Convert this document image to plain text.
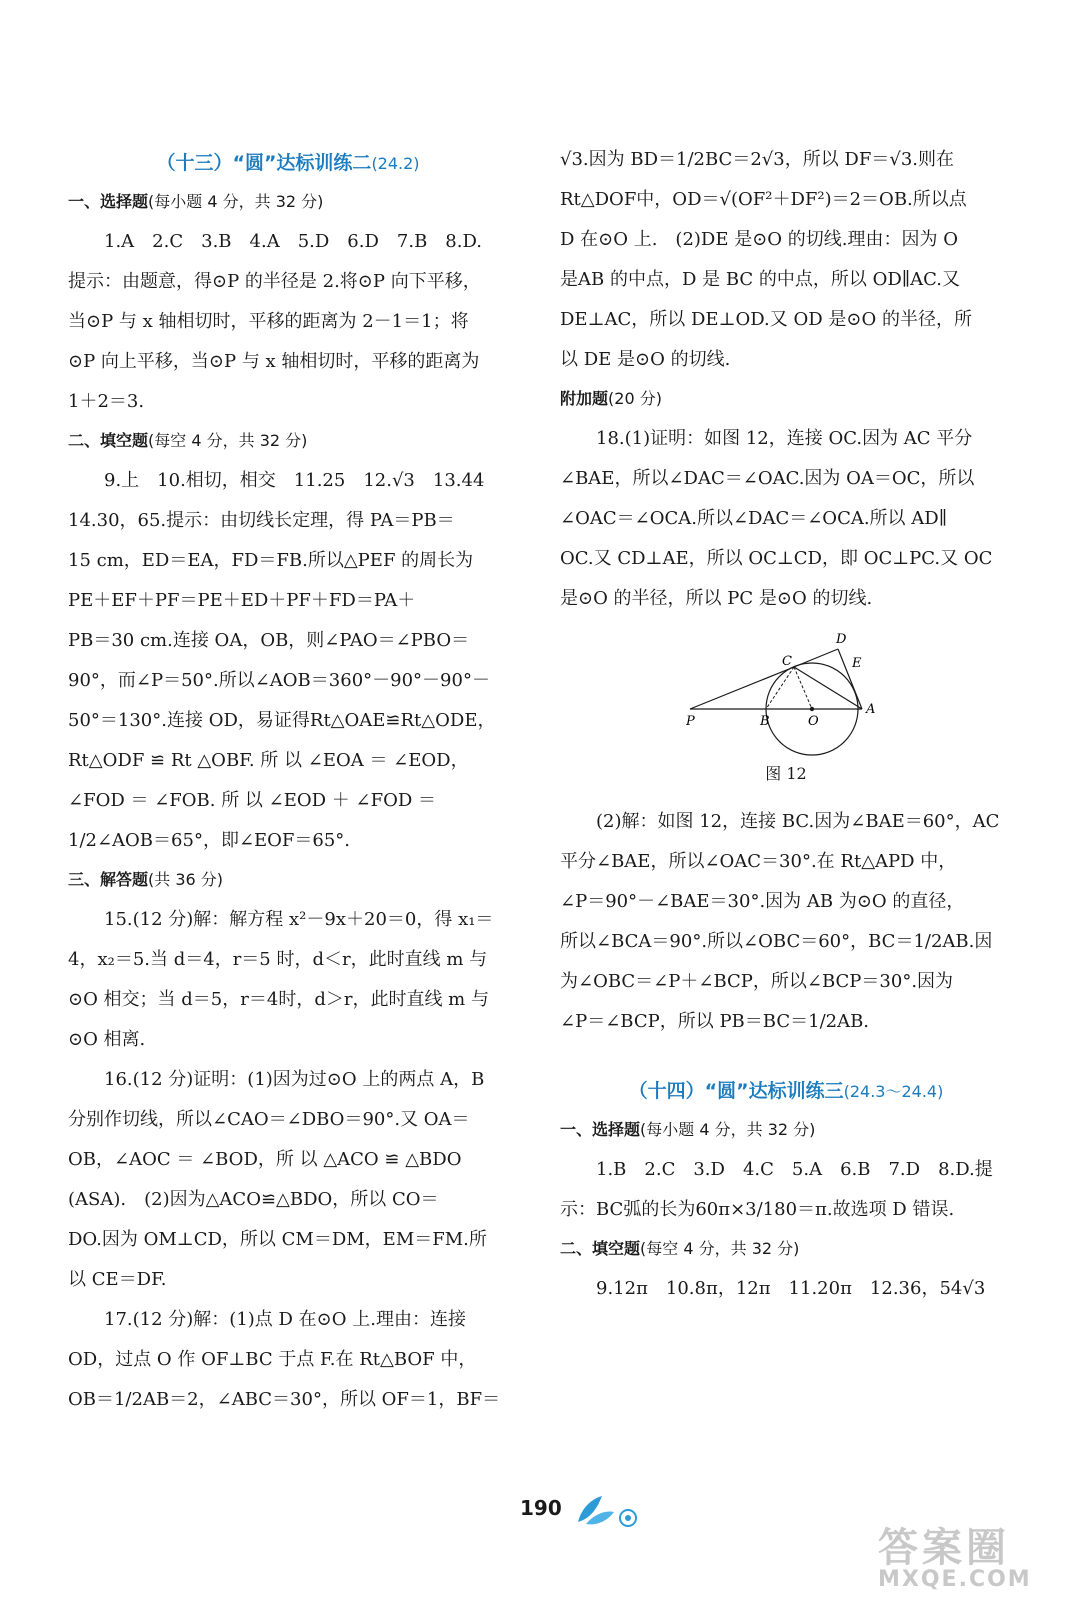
（十三）“圆”达标训练二(24.2)
一、选择题(每小题 4 分，共 32 分)

1.A　2.C　3.B　4.A　5.D　6.D　7.B　8.D.

提示：由题意，得⊙P 的半径是 2.将⊙P 向下平移，

当⊙P 与 x 轴相切时，平移的距离为 2－1＝1；将

⊙P 向上平移，当⊙P 与 x 轴相切时，平移的距离为

1＋2＝3.

二、填空题(每空 4 分，共 32 分)

9.上　10.相切，相交　11.25　12.√3　13.44

14.30，65.提示：由切线长定理，得 PA＝PB＝

15 cm，ED＝EA，FD＝FB.所以△PEF 的周长为

PE＋EF＋PF＝PE＋ED＋PF＋FD＝PA＋

PB＝30 cm.连接 OA，OB，则∠PAO＝∠PBO＝

90°，而∠P＝50°.所以∠AOB＝360°－90°－90°－

50°＝130°.连接 OD，易证得Rt△OAE≌Rt△ODE，

Rt△ODF ≌ Rt △OBF. 所 以 ∠EOA ＝ ∠EOD，

∠FOD ＝ ∠FOB. 所 以 ∠EOD ＋ ∠FOD ＝

1/2∠AOB＝65°，即∠EOF＝65°.

三、解答题(共 36 分)

15.(12 分)解：解方程 x²－9x＋20＝0，得 x₁＝

4，x₂＝5.当 d＝4，r＝5 时，d＜r，此时直线 m 与

⊙O 相交；当 d＝5，r＝4时，d＞r，此时直线 m 与

⊙O 相离.

16.(12 分)证明：(1)因为过⊙O 上的两点 A，B

分别作切线，所以∠CAO＝∠DBO＝90°.又 OA＝

OB，∠AOC ＝ ∠BOD，所 以 △ACO ≌ △BDO

(ASA).　(2)因为△ACO≌△BDO，所以 CO＝

DO.因为 OM⊥CD，所以 CM＝DM，EM＝FM.所

以 CE＝DF.

17.(12 分)解：(1)点 D 在⊙O 上.理由：连接

OD，过点 O 作 OF⊥BC 于点 F.在 Rt△BOF 中，

OB＝1/2AB＝2，∠ABC＝30°，所以 OF＝1，BF＝

√3.因为 BD＝1/2BC＝2√3，所以 DF＝√3.则在

Rt△DOF中，OD＝√(OF²＋DF²)＝2＝OB.所以点

D 在⊙O 上.　(2)DE 是⊙O 的切线.理由：因为 O

是AB 的中点，D 是 BC 的中点，所以 OD∥AC.又

DE⊥AC，所以 DE⊥OD.又 OD 是⊙O 的半径，所

以 DE 是⊙O 的切线.

附加题(20 分)

18.(1)证明：如图 12，连接 OC.因为 AC 平分

∠BAE，所以∠DAC＝∠OAC.因为 OA＝OC，所以

∠OAC＝∠OCA.所以∠DAC＝∠OCA.所以 AD∥

OC.又 CD⊥AE，所以 OC⊥CD，即 OC⊥PC.又 OC

是⊙O 的半径，所以 PC 是⊙O 的切线.

P	B	O
A
C
D
E
图 12

(2)解：如图 12，连接 BC.因为∠BAE＝60°，AC

平分∠BAE，所以∠OAC＝30°.在 Rt△APD 中，

∠P＝90°－∠BAE＝30°.因为 AB 为⊙O 的直径，

所以∠BCA＝90°.所以∠OBC＝60°，BC＝1/2AB.因

为∠OBC＝∠P＋∠BCP，所以∠BCP＝30°.因为

∠P＝∠BCP，所以 PB＝BC＝1/2AB.

（十四）“圆”达标训练三(24.3～24.4)
一、选择题(每小题 4 分，共 32 分)

1.B　2.C　3.D　4.C　5.A　6.B　7.D　8.D.提

示：BC弧的长为60π×3/180＝π.故选项 D 错误.

二、填空题(每空 4 分，共 32 分)

9.12π　10.8π，12π　11.20π　12.36，54√3

190
答案圈
MXQE.COM
